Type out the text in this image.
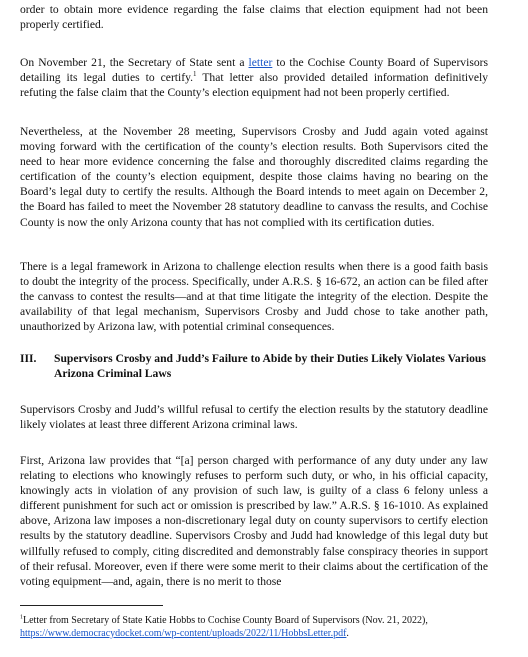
order to obtain more evidence regarding the false claims that election equipment had not been properly certified.

On November 21, the Secretary of State sent a letter to the Cochise County Board of Supervisors detailing its legal duties to certify.$^1$ That letter also provided detailed information definitively refuting the false claim that the County’s election equipment had not been properly certified.

Nevertheless, at the November 28 meeting, Supervisors Crosby and Judd again voted against moving forward with the certification of the county’s election results. Both Supervisors cited the need to hear more evidence concerning the false and thoroughly discredited claims regarding the certification of the county’s election equipment, despite those claims having no bearing on the Board’s legal duty to certify the results. Although the Board intends to meet again on December 2, the Board has failed to meet the November 28 statutory deadline to canvass the results, and Cochise County is now the only Arizona county that has not complied with its certification duties.

There is a legal framework in Arizona to challenge election results when there is a good faith basis to doubt the integrity of the process. Specifically, under A.R.S. § 16-672, an action can be filed after the canvass to contest the results—and at that time litigate the integrity of the election. Despite the availability of that legal mechanism, Supervisors Crosby and Judd chose to take another path, unauthorized by Arizona law, with potential criminal consequences.

III. Supervisors Crosby and Judd’s Failure to Abide by their Duties Likely Violates Various Arizona Criminal Laws

Supervisors Crosby and Judd’s willful refusal to certify the election results by the statutory deadline likely violates at least three different Arizona criminal laws.

First, Arizona law provides that “[a] person charged with performance of any duty under any law relating to elections who knowingly refuses to perform such duty, or who, in his official capacity, knowingly acts in violation of any provision of such law, is guilty of a class 6 felony unless a different punishment for such act or omission is prescribed by law.” A.R.S. § 16-1010. As explained above, Arizona law imposes a non-discretionary legal duty on county supervisors to certify election results by the statutory deadline. Supervisors Crosby and Judd had knowledge of this legal duty but willfully refused to comply, citing discredited and demonstrably false conspiracy theories in support of their refusal. Moreover, even if there were some merit to their claims about the certification of the voting equipment—and, again, there is no merit to those

$^1$Letter from Secretary of State Katie Hobbs to Cochise County Board of Supervisors (Nov. 21, 2022),
https://www.democracydocket.com/wp-content/uploads/2022/11/HobbsLetter.pdf.
